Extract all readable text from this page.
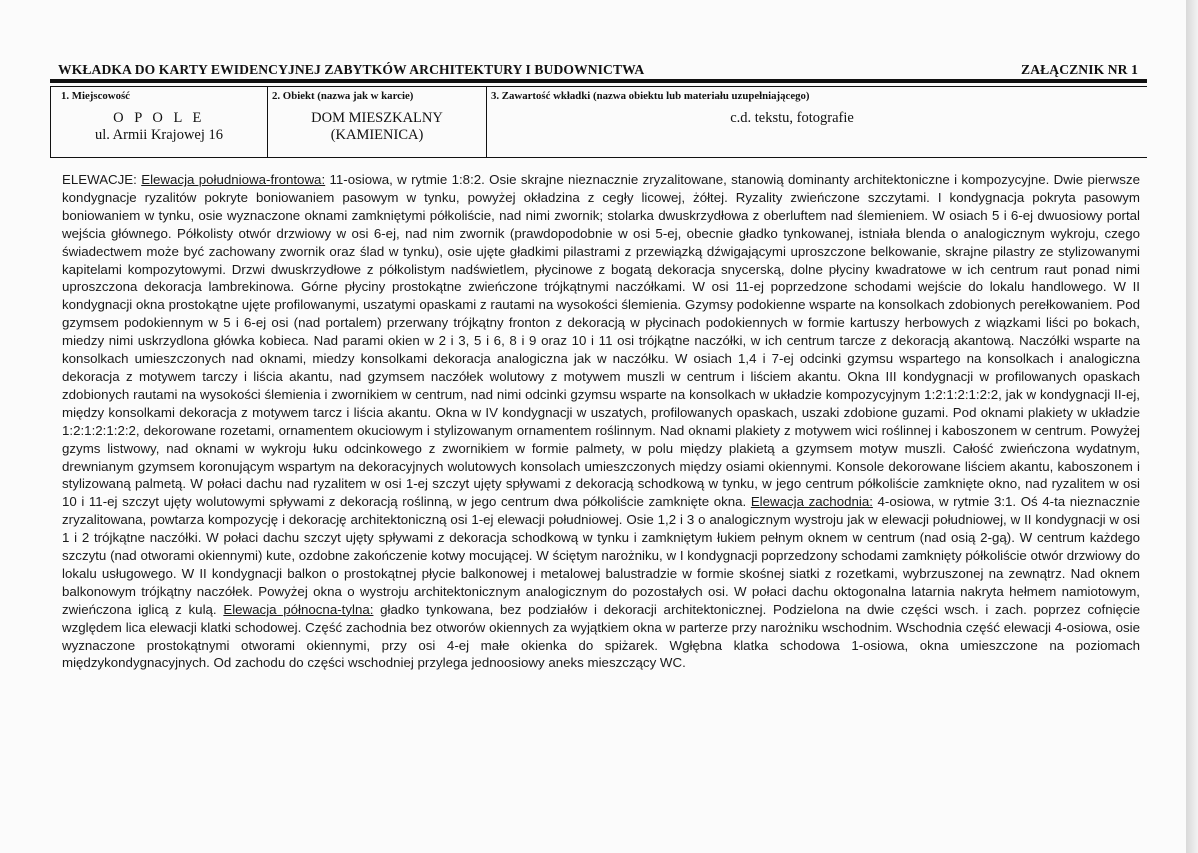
WKŁADKA DO KARTY EWIDENCYJNEJ ZABYTKÓW ARCHITEKTURY I BUDOWNICTWA	ZAŁĄCZNIK NR 1
1. Miejscowość
O P O L E
ul. Armii Krajowej 16
2. Obiekt (nazwa jak w karcie)
DOM MIESZKALNY
(KAMIENICA)
3. Zawartość wkładki (nazwa obiektu lub materiału uzupełniającego)
c.d. tekstu, fotografie
ELEWACJE: Elewacja południowa-frontowa: 11-osiowa, w rytmie 1:8:2. Osie skrajne nieznacznie zryzalitowane, stanowią dominanty architektoniczne i kompozycyjne. Dwie pierwsze kondygnacje ryzalitów pokryte boniowaniem pasowym w tynku, powyżej okładzina z cegły licowej, żółtej. Ryzality zwieńczone szczytami. I kondygnacja pokryta pasowym boniowaniem w tynku, osie wyznaczone oknami zamkniętymi półkoliście, nad nimi zwornik; stolarka dwuskrzydłowa z oberluftem nad ślemieniem. W osiach 5 i 6-ej dwuosiowy portal wejścia głównego. Półkolisty otwór drzwiowy w osi 6-ej, nad nim zwornik (prawdopodobnie w osi 5-ej, obecnie gładko tynkowanej, istniała blenda o analogicznym wykroju, czego świadectwem może być zachowany zwornik oraz ślad w tynku), osie ujęte gładkimi pilastrami z przewiązką dźwigającymi uproszczone belkowanie, skrajne pilastry ze stylizowanymi kapitelami kompozytowymi. Drzwi dwuskrzydłowe z półkolistym nadświetlem, płycinowe z bogatą dekoracja snycerską, dolne płyciny kwadratowe w ich centrum raut ponad nimi uproszczona dekoracja lambrekinowa. Górne płyciny prostokątne zwieńczone trójkątnymi naczółkami. W osi 11-ej poprzedzone schodami wejście do lokalu handlowego. W II kondygnacji okna prostokątne ujęte profilowanymi, uszatymi opaskami z rautami na wysokości ślemienia. Gzymsy podokienne wsparte na konsolkach zdobionych perełkowaniem. Pod gzymsem podokiennym w 5 i 6-ej osi (nad portalem) przerwany trójkątny fronton z dekoracją w płycinach podokiennych w formie kartuszy herbowych z wiązkami liści po bokach, miedzy nimi uskrzydlona główka kobieca. Nad parami okien w 2 i 3, 5 i 6, 8 i 9 oraz 10 i 11 osi trójkątne naczółki, w ich centrum tarcze z dekoracją akantową. Naczółki wsparte na konsolkach umieszczonych nad oknami, miedzy konsolkami dekoracja analogiczna jak w naczółku. W osiach 1,4 i 7-ej odcinki gzymsu wspartego na konsolkach i analogiczna dekoracja z motywem tarczy i liścia akantu, nad gzymsem naczółek wolutowy z motywem muszli w centrum i liściem akantu. Okna III kondygnacji w profilowanych opaskach zdobionych rautami na wysokości ślemienia i zwornikiem w centrum, nad nimi odcinki gzymsu wsparte na konsolkach w układzie kompozycyjnym 1:2:1:2:1:2:2, jak w kondygnacji II-ej, między konsolkami dekoracja z motywem tarcz i liścia akantu. Okna w IV kondygnacji w uszatych, profilowanych opaskach, uszaki zdobione guzami. Pod oknami plakiety w układzie 1:2:1:2:1:2:2, dekorowane rozetami, ornamentem okuciowym i stylizowanym ornamentem roślinnym. Nad oknami plakiety z motywem wici roślinnej i kaboszonem w centrum. Powyżej gzyms listwowy, nad oknami w wykroju łuku odcinkowego z zwornikiem w formie palmety, w polu między plakietą a gzymsem motyw muszli. Całość zwieńczona wydatnym, drewnianym gzymsem koronującym wspartym na dekoracyjnych wolutowych konsolach umieszczonych między osiami okiennymi. Konsole dekorowane liściem akantu, kaboszonem i stylizowaną palmetą. W połaci dachu nad ryzalitem w osi 1-ej szczyt ujęty spływami z dekoracją schodkową w tynku, w jego centrum półkoliście zamknięte okno, nad ryzalitem w osi 10 i 11-ej szczyt ujęty wolutowymi spływami z dekoracją roślinną, w jego centrum dwa półkoliście zamknięte okna. Elewacja zachodnia: 4-osiowa, w rytmie 3:1. Oś 4-ta nieznacznie zryzalitowana, powtarza kompozycję i dekorację architektoniczną osi 1-ej elewacji południowej. Osie 1,2 i 3 o analogicznym wystroju jak w elewacji południowej, w II kondygnacji w osi 1 i 2 trójkątne naczółki. W połaci dachu szczyt ujęty spływami z dekoracja schodkową w tynku i zamkniętym łukiem pełnym oknem w centrum (nad osią 2-gą). W centrum każdego szczytu (nad otworami okiennymi) kute, ozdobne zakończenie kotwy mocującej. W ściętym narożniku, w I kondygnacji poprzedzony schodami zamknięty półkoliście otwór drzwiowy do lokalu usługowego. W II kondygnacji balkon o prostokątnej płycie balkonowej i metalowej balustradzie w formie skośnej siatki z rozetkami, wybrzuszonej na zewnątrz. Nad oknem balkonowym trójkątny naczółek. Powyżej okna o wystroju architektonicznym analogicznym do pozostałych osi. W połaci dachu oktogonalna latarnia nakryta hełmem namiotowym, zwieńczona iglicą z kulą. Elewacja północna-tylna: gładko tynkowana, bez podziałów i dekoracji architektonicznej. Podzielona na dwie części wsch. i zach. poprzez cofnięcie względem lica elewacji klatki schodowej. Część zachodnia bez otworów okiennych za wyjątkiem okna w parterze przy narożniku wschodnim. Wschodnia część elewacji 4-osiowa, osie wyznaczone prostokątnymi otworami okiennymi, przy osi 4-ej małe okienka do spiżarek. Wgłębna klatka schodowa 1-osiowa, okna umieszczone na poziomach międzykondygnacyjnych. Od zachodu do części wschodniej przylega jednoosiowy aneks mieszczący WC.
